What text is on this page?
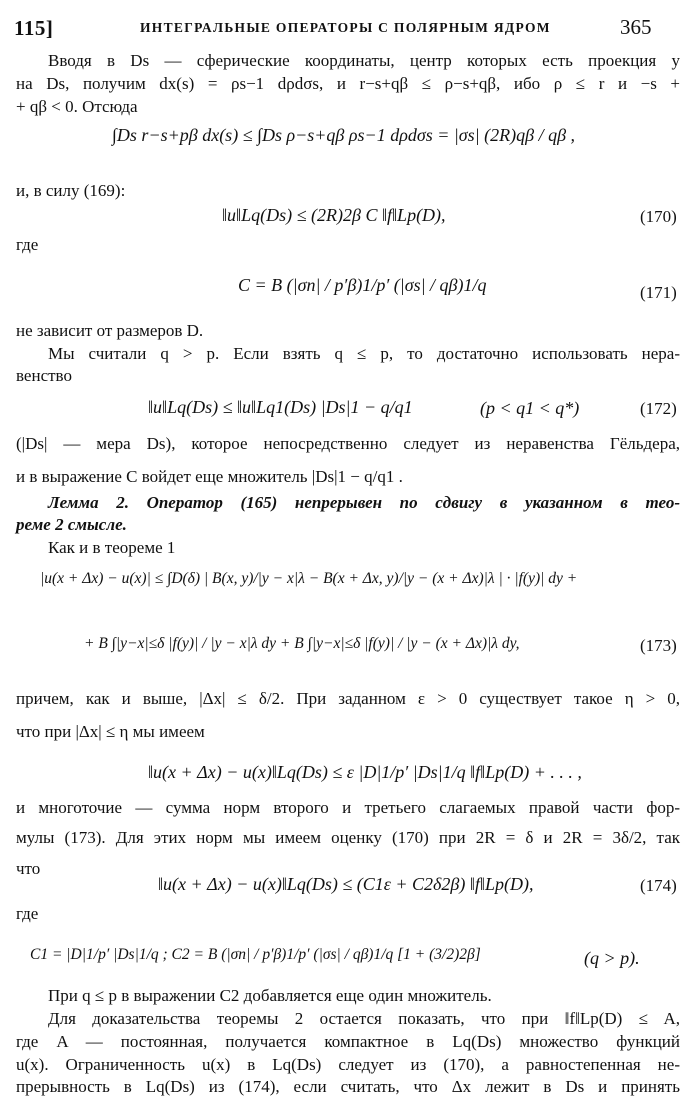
115]	ИНТЕГРАЛЬНЫЕ ОПЕРАТОРЫ С ПОЛЯРНЫМ ЯДРОМ	365
Вводя в Ds — сферические координаты, центр которых есть проекция y
на Ds, получим dx(s) = ρs−1 dρdσs, и r−s+qβ ≤ ρ−s+qβ, ибо ρ ≤ r и −s +
+ qβ < 0. Отсюда
∫Ds r−s+pβ dx(s) ≤ ∫Ds ρ−s+qβ ρs−1 dρdσs = |σs| (2R)qβ / qβ ,
и, в силу (169):
‖u‖Lq(Ds) ≤ (2R)2β C ‖f‖Lp(D),	(170)
где
C = B (|σn| / p′β)1/p′ (|σs| / qβ)1/q	(171)
не зависит от размеров D.
Мы считали q > p. Если взять q ≤ p, то достаточно использовать нера-
венство
‖u‖Lq(Ds) ≤ ‖u‖Lq1(Ds) |Ds|1 − q/q1	(p < q1 < q*)	(172)
(|Ds| — мера Ds), которое непосредственно следует из неравенства Гёльдера,
и в выражение C войдет еще множитель |Ds|1 − q/q1 .
Лемма 2. Оператор (165) непрерывен по сдвигу в указанном в тео-
реме 2 смысле.
Как и в теореме 1
|u(x + Δx) − u(x)| ≤ ∫D(δ) | B(x, y)/|y − x|λ − B(x + Δx, y)/|y − (x + Δx)|λ | · |f(y)| dy +
+ B ∫|y−x|≤δ |f(y)| / |y − x|λ dy + B ∫|y−x|≤δ |f(y)| / |y − (x + Δx)|λ dy,	(173)
причем, как и выше, |Δx| ≤ δ/2. При заданном ε > 0 существует такое η > 0,
что при |Δx| ≤ η мы имеем
‖u(x + Δx) − u(x)‖Lq(Ds) ≤ ε |D|1/p′ |Ds|1/q ‖f‖Lp(D) + . . . ,
и многоточие — сумма норм второго и третьего слагаемых правой части фор-
мулы (173). Для этих норм мы имеем оценку (170) при 2R = δ и 2R = 3δ/2, так
что
‖u(x + Δx) − u(x)‖Lq(Ds) ≤ (C1ε + C2δ2β) ‖f‖Lp(D),	(174)
где
C1 = |D|1/p′ |Ds|1/q ; C2 = B (|σn| / p′β)1/p′ (|σs| / qβ)1/q [1 + (3/2)2β]	(q > p).
При q ≤ p в выражении C2 добавляется еще один множитель.
Для доказательства теоремы 2 остается показать, что при ‖f‖Lp(D) ≤ A,
где A — постоянная, получается компактное в Lq(Ds) множество функций
u(x). Ограниченность u(x) в Lq(Ds) следует из (170), а равностепенная не-
прерывность в Lq(Ds) из (174), если считать, что Δx лежит в Ds и принять
